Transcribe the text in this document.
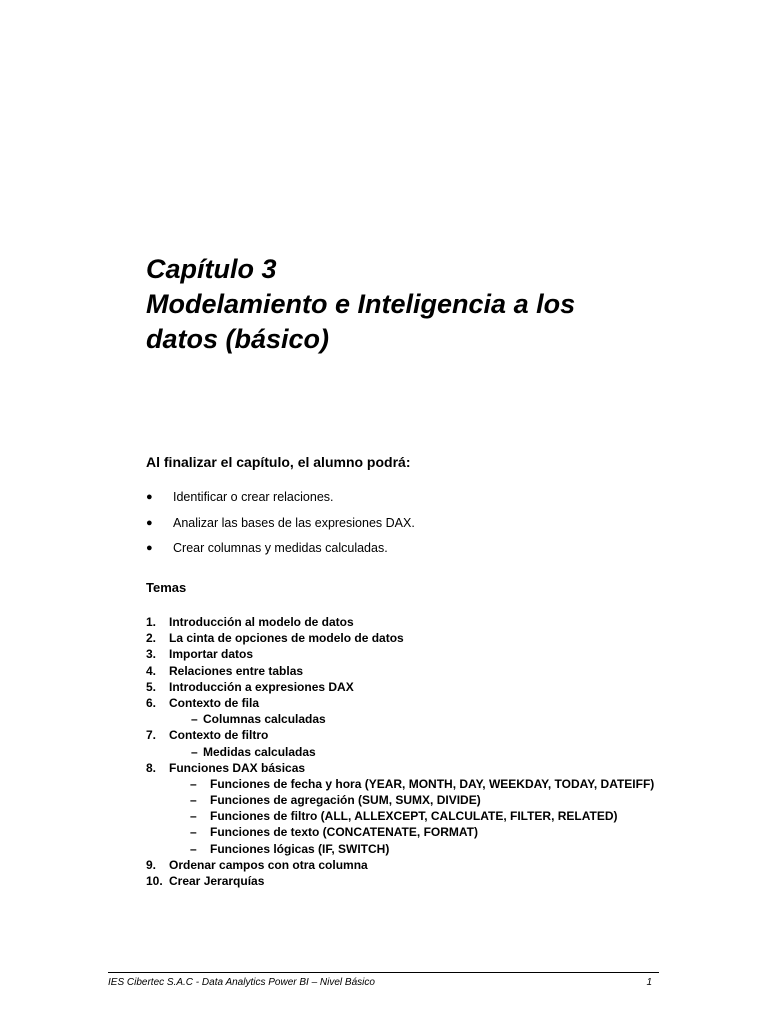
Capítulo 3
Modelamiento e Inteligencia a los
datos (básico)

Al finalizar el capítulo, el alumno podrá:

●	Identificar o crear relaciones.
●	Analizar las bases de las expresiones DAX.
●	Crear columnas y medidas calculadas.

Temas

1.	Introducción al modelo de datos
2.	La cinta de opciones de modelo de datos
3.	Importar datos
4.	Relaciones entre tablas
5.	Introducción a expresiones DAX
6.	Contexto de fila
– Columnas calculadas
7.	Contexto de filtro
– Medidas calculadas
8.	Funciones DAX básicas
–	Funciones de fecha y hora (YEAR, MONTH, DAY, WEEKDAY, TODAY, DATEIFF)
–	Funciones de agregación (SUM, SUMX, DIVIDE)
–	Funciones de filtro (ALL, ALLEXCEPT, CALCULATE, FILTER, RELATED)
–	Funciones de texto (CONCATENATE, FORMAT)
–	Funciones lógicas (IF, SWITCH)
9.	Ordenar campos con otra columna
10. Crear Jerarquías
IES Cibertec S.A.C - Data Analytics Power BI – Nivel Básico	1
